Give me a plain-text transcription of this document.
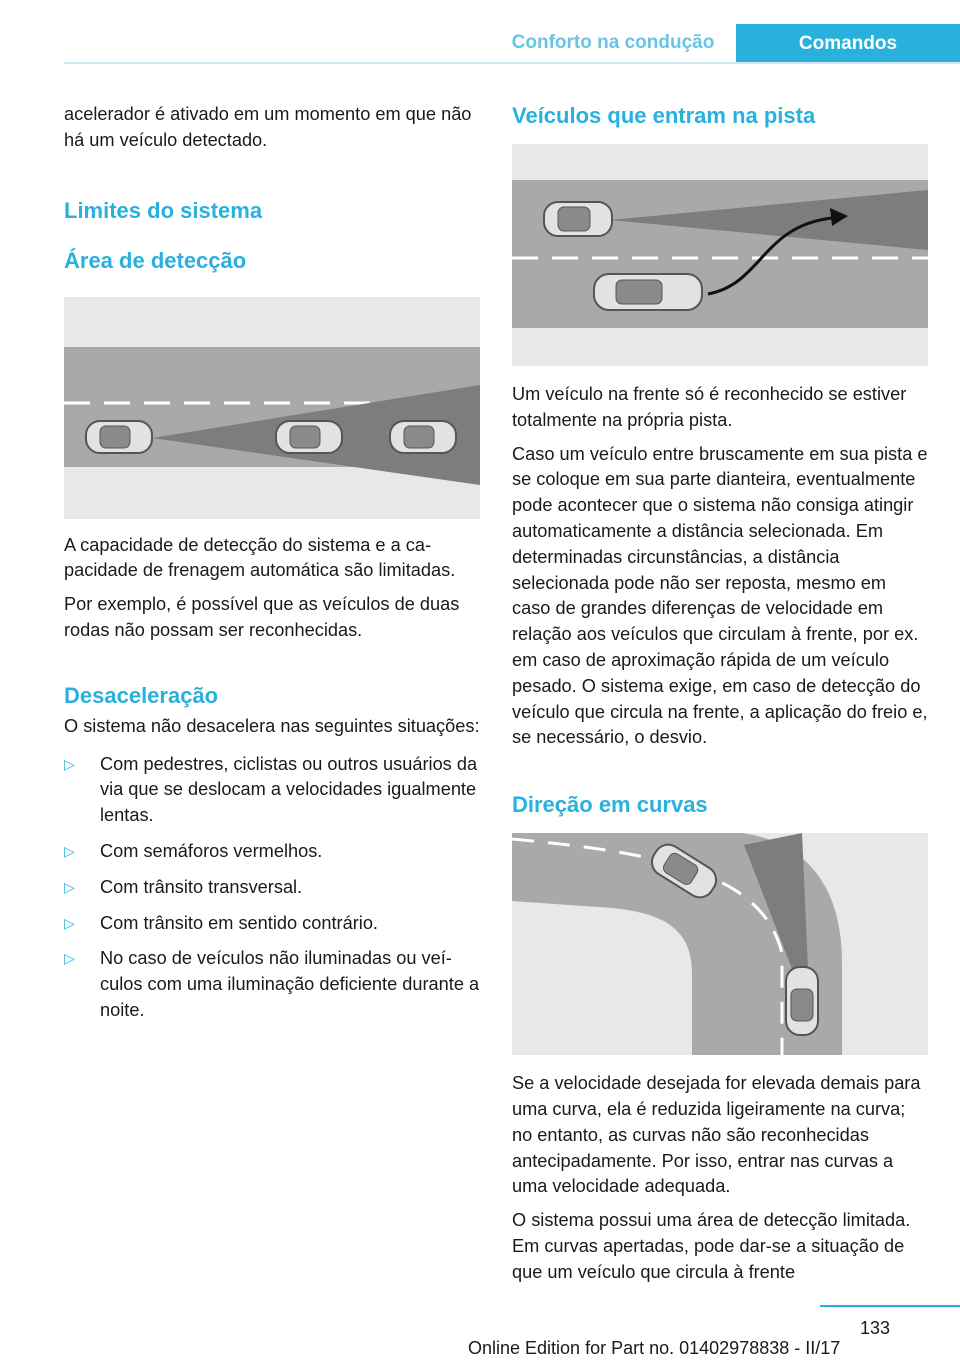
Conforto na condução	Comandos

acelerador é ativado em um momento em que não há um veículo detectado.

Limites do sistema
Área de detecção

A capacidade de detecção do sistema e a capacidade de frenagem automática são limitadas.

Por exemplo, é possível que as veículos de duas rodas não possam ser reconhecidas.

Desaceleração

O sistema não desacelera nas seguintes situações:

▷ Com pedestres, ciclistas ou outros usuários da via que se deslocam a velocidades igualmente lentas.
▷ Com semáforos vermelhos.
▷ Com trânsito transversal.
▷ Com trânsito em sentido contrário.
▷ No caso de veículos não iluminadas ou veículos com uma iluminação deficiente durante a noite.
Veículos que entram na pista

Um veículo na frente só é reconhecido se estiver totalmente na própria pista.

Caso um veículo entre bruscamente em sua pista e se coloque em sua parte dianteira, eventualmente pode acontecer que o sistema não consiga atingir automaticamente a distância selecionada. Em determinadas circunstâncias, a distância selecionada pode não ser reposta, mesmo em caso de grandes diferenças de velocidade em relação aos veículos que circulam à frente, por ex. em caso de aproximação rápida de um veículo pesado. O sistema exige, em caso de detecção do veículo que circula na frente, a aplicação do freio e, se necessário, o desvio.

Direção em curvas

Se a velocidade desejada for elevada demais para uma curva, ela é reduzida ligeiramente na curva; no entanto, as curvas não são reconhecidas antecipadamente. Por isso, entrar nas curvas a uma velocidade adequada.

O sistema possui uma área de detecção limitada. Em curvas apertadas, pode dar-se a situação de que um veículo que circula à frente

133
Online Edition for Part no. 01402978838 - II/17
